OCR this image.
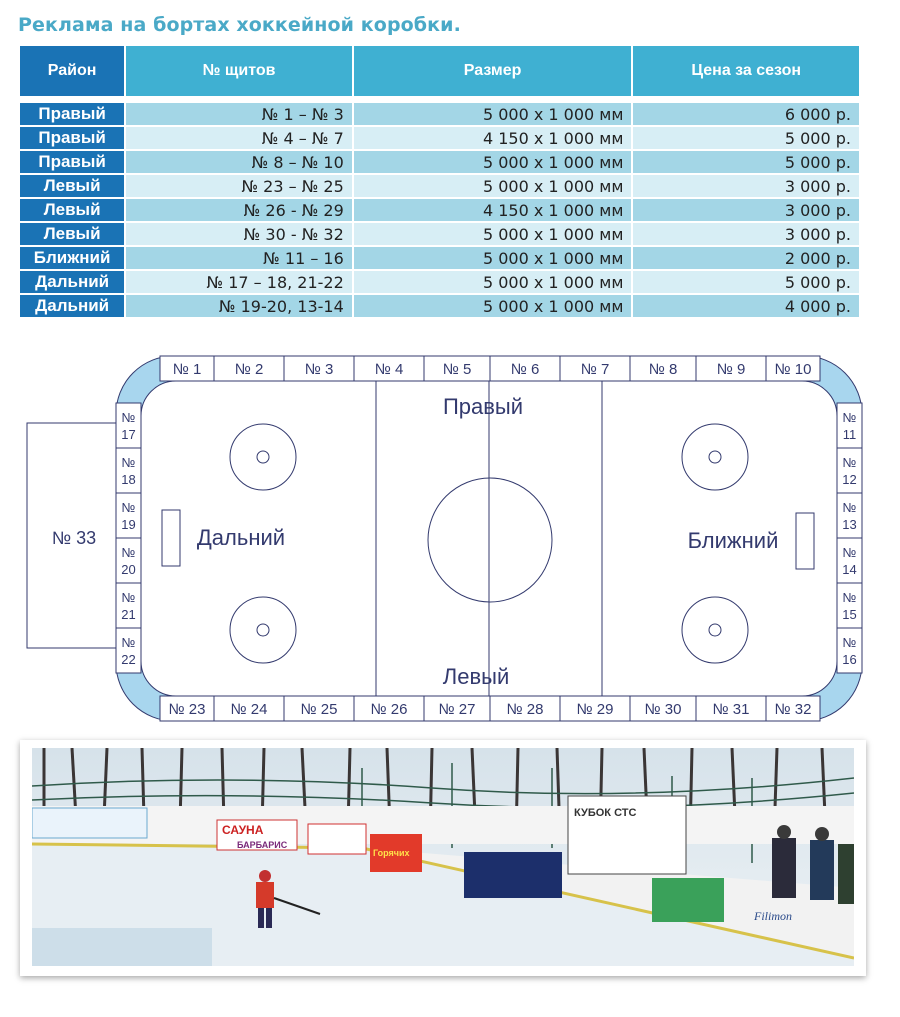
Реклама на бортах хоккейной коробки.
Район	№ щитов	Размер	Цена за сезон

Правый	№ 1 – № 3	5 000 х 1 000 мм	6 000 р.
Правый	№ 4 – № 7	4 150 х 1 000 мм	5 000 р.
Правый	№ 8 – № 10	5 000 х 1 000 мм	5 000 р.
Левый	№ 23 – № 25	5 000 х 1 000 мм	3 000 р.
Левый	№ 26 - № 29	4 150 х 1 000 мм	3 000 р.
Левый	№ 30 - № 32	5 000 х 1 000 мм	3 000 р.
Ближний	№ 11 – 16	5 000 х 1 000 мм	2 000 р.
Дальний	№ 17 – 18, 21-22	5 000 х 1 000 мм	5 000 р.
Дальний	№ 19-20, 13-14	5 000 х 1 000 мм	4 000 р.
№ 33
№ 1
№ 23
№ 2
№ 24
№ 3
№ 25
№ 4
№ 26
№ 5
№ 27
№ 6
№ 28
№ 7
№ 29
№ 8
№ 30
№ 9
№ 31
№ 10
№ 32
№
17
№
11
№
18
№
12
№
19
№
13
№
20
№
14
№
21
№
15
№
22
№
16
Правый
Левый
Дальний	Ближний
САУНА
БАРБАРИС
Горячих
КУБОК СТС
Filimon
